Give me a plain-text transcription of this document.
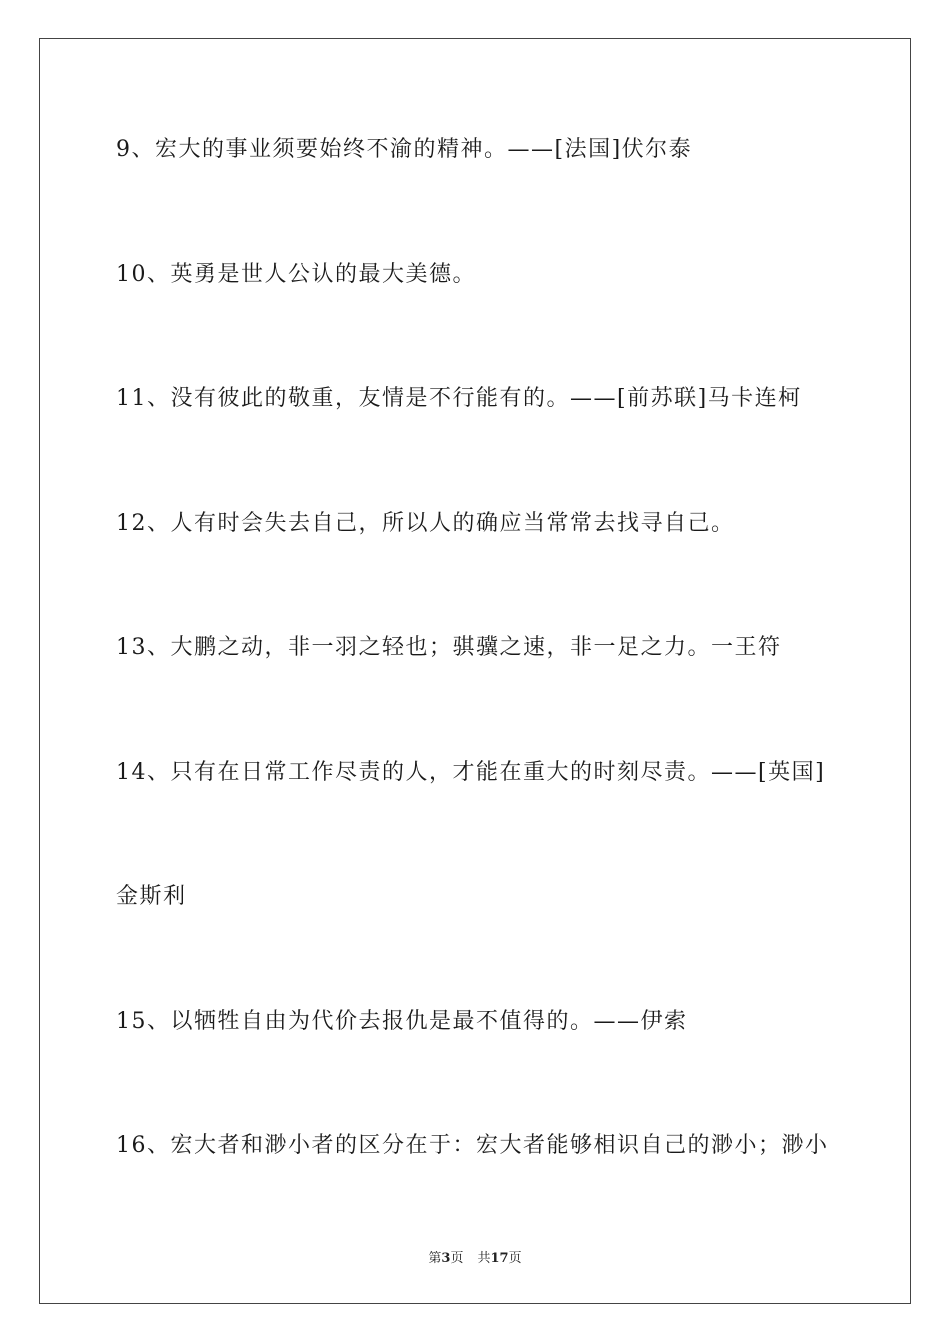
9、宏大的事业须要始终不渝的精神。——[法国]伏尔泰
10、英勇是世人公认的最大美德。
11、没有彼此的敬重，友情是不行能有的。——[前苏联]马卡连柯
12、人有时会失去自己，所以人的确应当常常去找寻自己。
13、大鹏之动，非一羽之轻也；骐骥之速，非一足之力。一王符
14、只有在日常工作尽责的人，才能在重大的时刻尽责。——[英国]
金斯利
15、以牺牲自由为代价去报仇是最不值得的。——伊索
16、宏大者和渺小者的区分在于：宏大者能够相识自己的渺小；渺小
第3页 共17页
